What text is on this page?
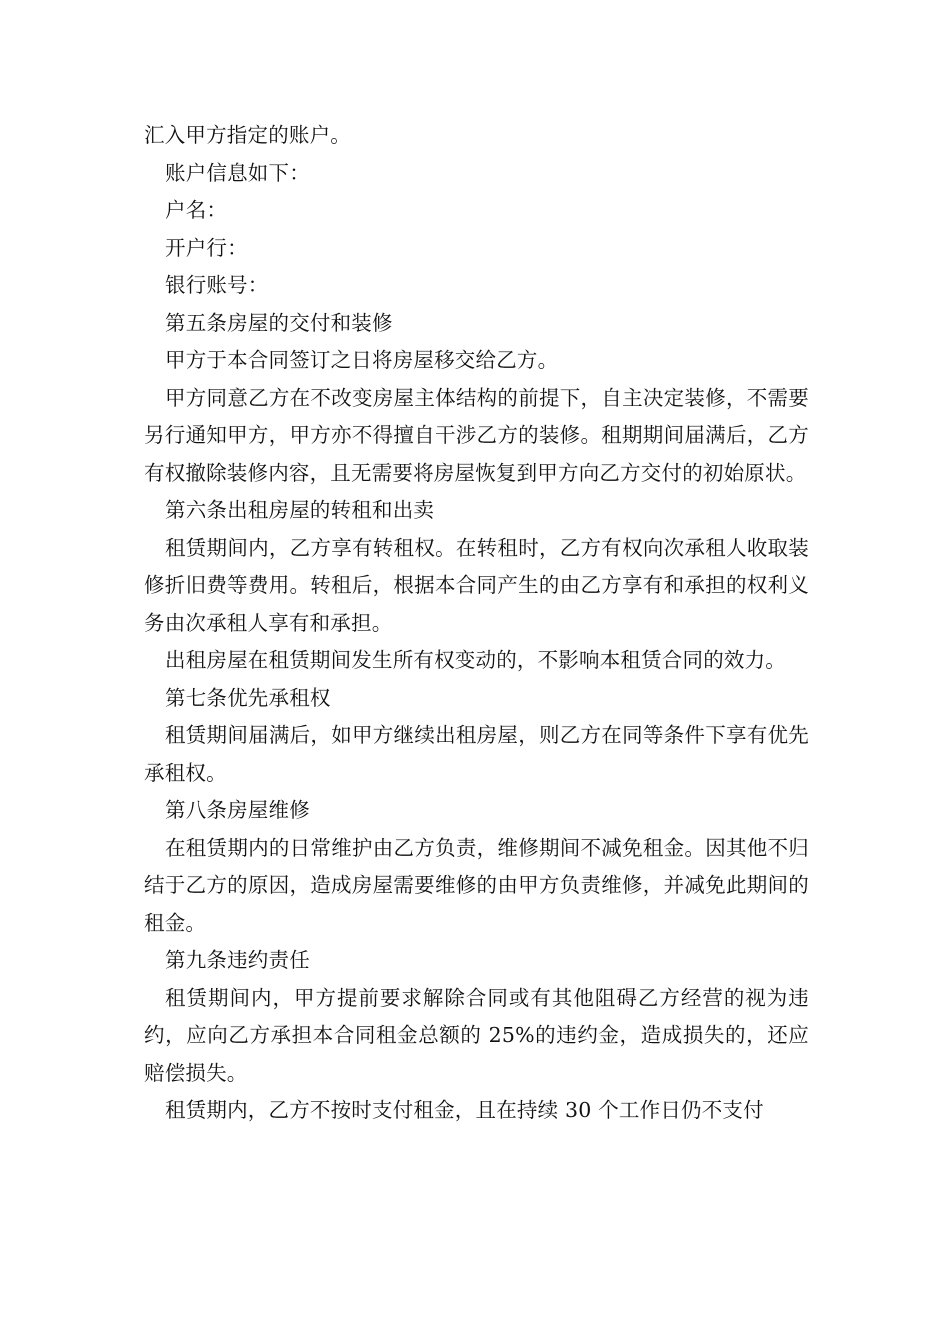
汇入甲方指定的账户。

账户信息如下：

户名：

开户行：

银行账号：

第五条房屋的交付和装修

甲方于本合同签订之日将房屋移交给乙方。

甲方同意乙方在不改变房屋主体结构的前提下，自主决定装修，不需要另行通知甲方，甲方亦不得擅自干涉乙方的装修。租期期间届满后，乙方有权撤除装修内容，且无需要将房屋恢复到甲方向乙方交付的初始原状。

第六条出租房屋的转租和出卖

租赁期间内，乙方享有转租权。在转租时，乙方有权向次承租人收取装修折旧费等费用。转租后，根据本合同产生的由乙方享有和承担的权利义务由次承租人享有和承担。

出租房屋在租赁期间发生所有权变动的，不影响本租赁合同的效力。

第七条优先承租权

租赁期间届满后，如甲方继续出租房屋，则乙方在同等条件下享有优先承租权。

第八条房屋维修

在租赁期内的日常维护由乙方负责，维修期间不减免租金。因其他不归结于乙方的原因，造成房屋需要维修的由甲方负责维修，并减免此期间的租金。

第九条违约责任

租赁期间内，甲方提前要求解除合同或有其他阻碍乙方经营的视为违约，应向乙方承担本合同租金总额的 25%的违约金，造成损失的，还应赔偿损失。

租赁期内，乙方不按时支付租金，且在持续 30 个工作日仍不支付
